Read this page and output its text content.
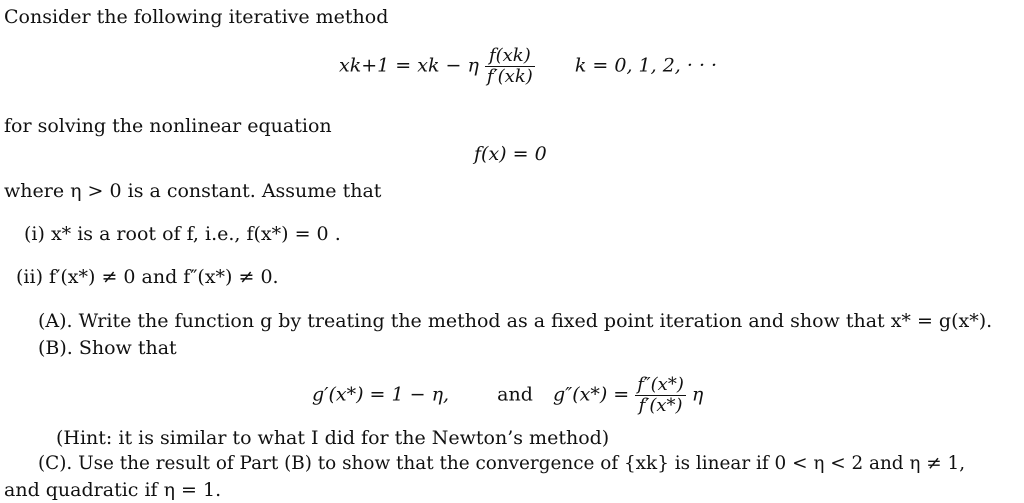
Consider the following iterative method
xk+1 = xk − η $\frac{f(xk)}{f'(xk)}$ k = 0, 1, 2, · · ·
for solving the nonlinear equation
f(x) = 0
where η > 0 is a constant. Assume that
(i) x* is a root of f, i.e., f(x*) = 0 .
(ii) f′(x*) ≠ 0 and f″(x*) ≠ 0.
(A). Write the function g by treating the method as a fixed point iteration and show that x* = g(x*).
(B). Show that
g′(x*) = 1 − η,	and $g''(x*) = \frac{f''(x*)}{f'(x*)}$ η
(Hint: it is similar to what I did for the Newton’s method)
(C). Use the result of Part (B) to show that the convergence of {xk} is linear if 0 < η < 2 and η ≠ 1,
and quadratic if η = 1.
